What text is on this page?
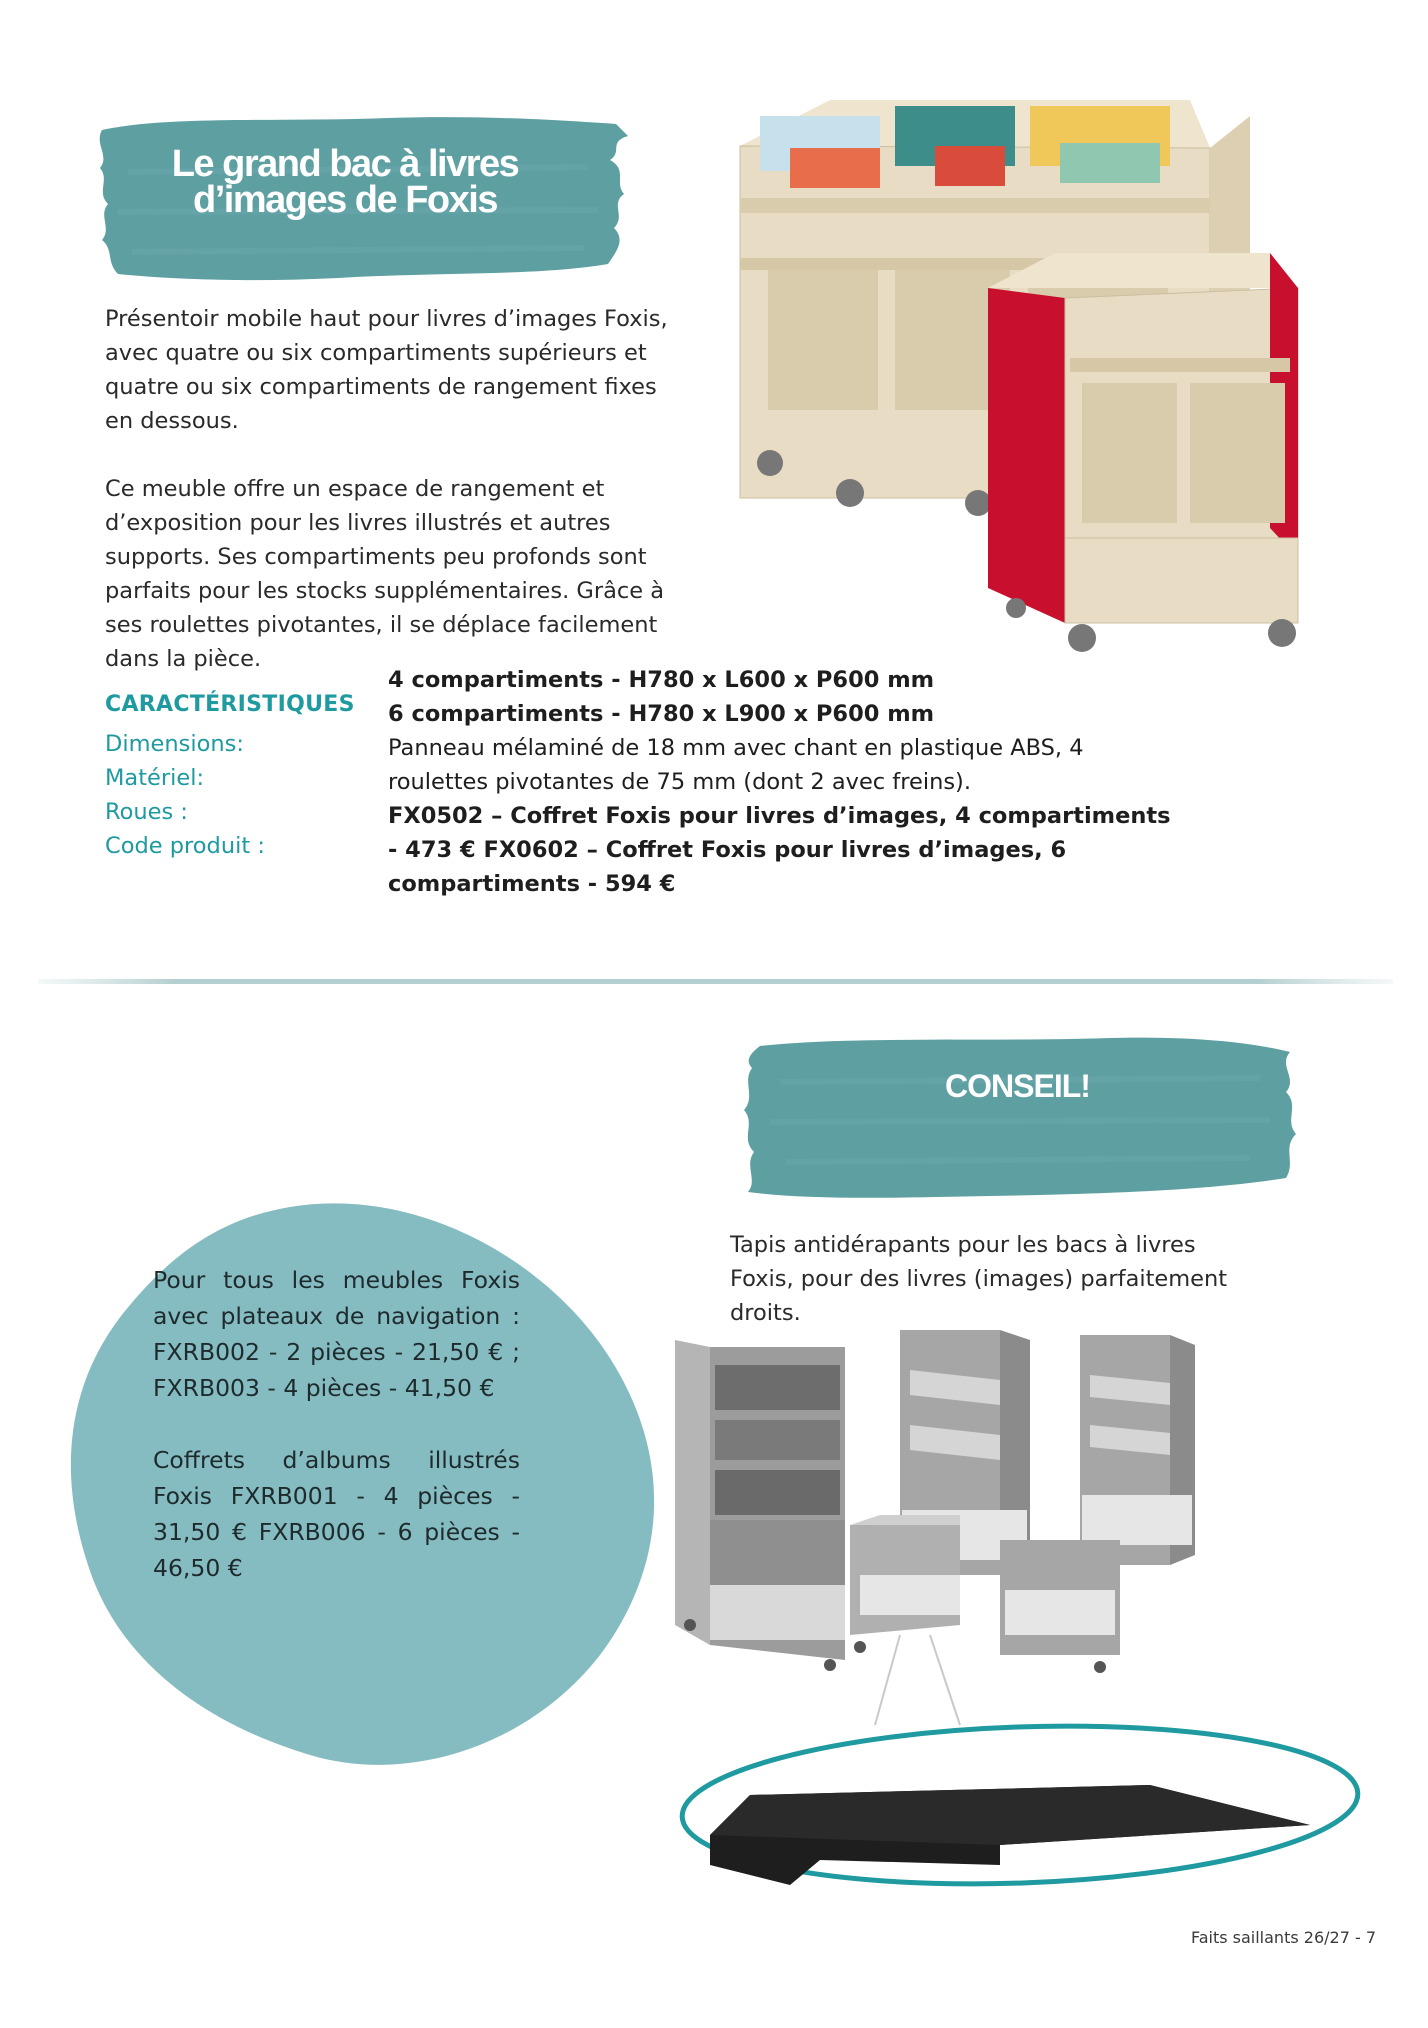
Le grand bac à livres
d’images de Foxis
Présentoir mobile haut pour livres d’images Foxis,
avec quatre ou six compartiments supérieurs et
quatre ou six compartiments de rangement fixes
en dessous.
Ce meuble offre un espace de rangement et
d’exposition pour les livres illustrés et autres
supports. Ses compartiments peu profonds sont
parfaits pour les stocks supplémentaires. Grâce à
ses roulettes pivotantes, il se déplace facilement
dans la pièce.
CARACTÉRISTIQUES
Dimensions:
Matériel:
Roues :
Code produit :
4 compartiments - H780 x L600 x P600 mm
6 compartiments - H780 x L900 x P600 mm
Panneau mélaminé de 18 mm avec chant en plastique ABS, 4
roulettes pivotantes de 75 mm (dont 2 avec freins).
FX0502 – Coffret Foxis pour livres d’images, 4 compartiments
- 473 € FX0602 – Coffret Foxis pour livres d’images, 6
compartiments - 594 €
CONSEIL!

Pour tous les meubles Foxis avec plateaux de navigation : FXRB002 - 2 pièces - 21,50 € ; FXRB003 - 4 pièces - 41,50 €

Coffrets d’albums illustrés Foxis FXRB001 - 4 pièces - 31,50 € FXRB006 - 6 pièces - 46,50 €

Tapis antidérapants pour les bacs à livres
Foxis, pour des livres (images) parfaitement
droits.
Faits saillants 26/27 - 7
